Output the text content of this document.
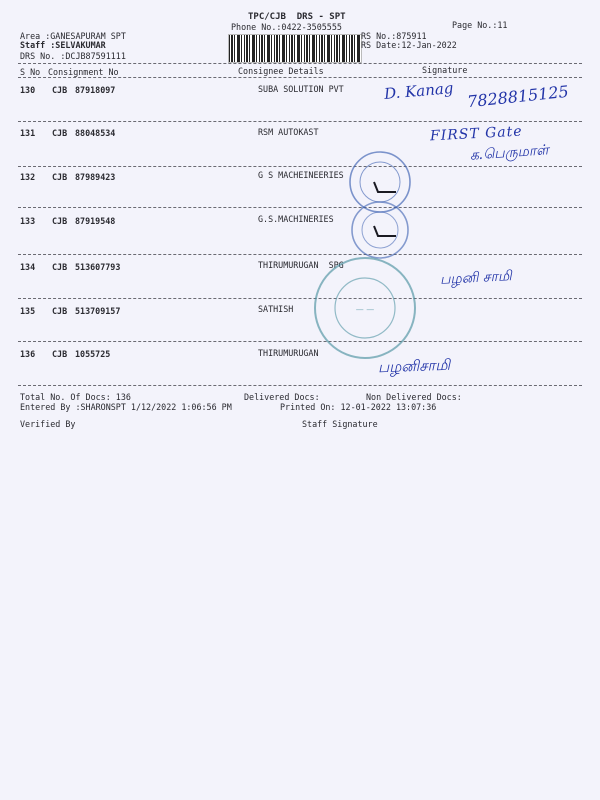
TPC/CJB  DRS - SPT
Phone No.:0422-3505555	Page No.:11
Area :GANESAPURAM SPT
Staff :SELVAKUMAR
DRS No. :DCJB87591111
RS No.:875911
RS Date:12-Jan-2022
S No Consignment No	Consignee Details	Signature
130 CJB 87918097	SUBA SOLUTION PVT
131 CJB 88048534	RSM AUTOKAST
132 CJB 87989423	G S MACHEINEERIES
133 CJB 87919548	G.S.MACHINERIES
134 CJB 513607793	THIRUMURUGAN  SPG
135 CJB 513709157	SATHISH
136 CJB 1055725	THIRUMURUGAN
Total No. Of Docs: 136	Delivered Docs:	Non Delivered Docs:
Entered By :SHARONSPT 1/12/2022 1:06:56 PM	Printed On: 12-01-2022 13:07:36
Verified By	Staff Signature
D. Kanag 7828815125
FIRST Gate
க.பெருமாள்
பழனி சாமி
பழனிசாமி
— —
